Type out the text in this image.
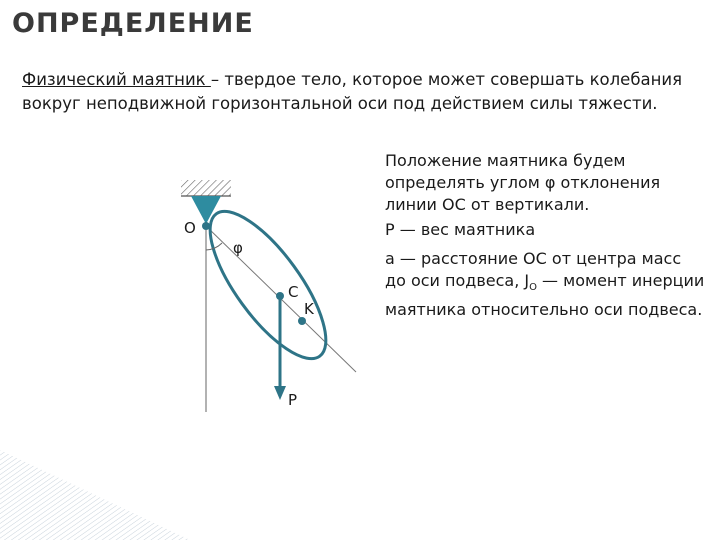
ОПРЕДЕЛЕНИЕ
Физический маятник – твердое тело, которое может совершать колебания вокруг неподвижной горизонтальной оси под действием силы тяжести.
Положение маятника будем определять углом φ отклонения линии ОС от вертикали.
P — вес маятника
a — расстояние ОС от центра масс до оси подвеса, $J_O$ — момент инерции маятника относительно оси подвеса.
O
φ
C
K
P
